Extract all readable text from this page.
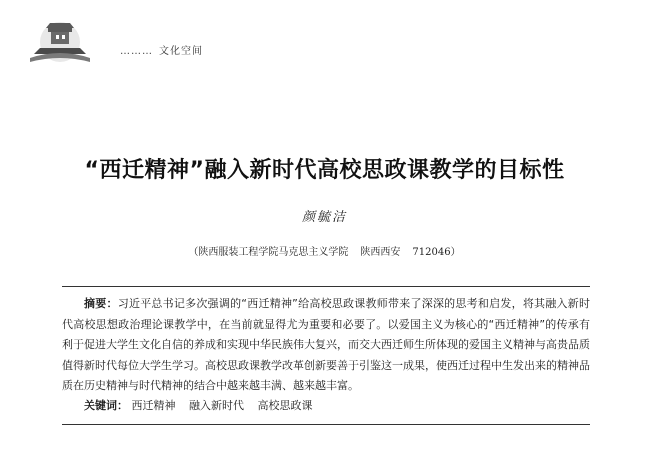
……… 文化空间
“西迁精神”融入新时代高校思政课教学的目标性
颜毓洁
（陕西服装工程学院马克思主义学院 陕西西安 712046）
摘要：习近平总书记多次强调的“西迁精神”给高校思政课教师带来了深深的思考和启发，将其融入新时代高校思想政治理论课教学中，在当前就显得尤为重要和必要了。以爱国主义为核心的“西迁精神”的传承有利于促进大学生文化自信的养成和实现中华民族伟大复兴，而交大西迁师生所体现的爱国主义精神与高贵品质值得新时代每位大学生学习。高校思政课教学改革创新要善于引鉴这一成果，使西迁过程中生发出来的精神品质在历史精神与时代精神的结合中越来越丰满、越来越丰富。
关键词： 西迁精神 融入新时代 高校思政课
